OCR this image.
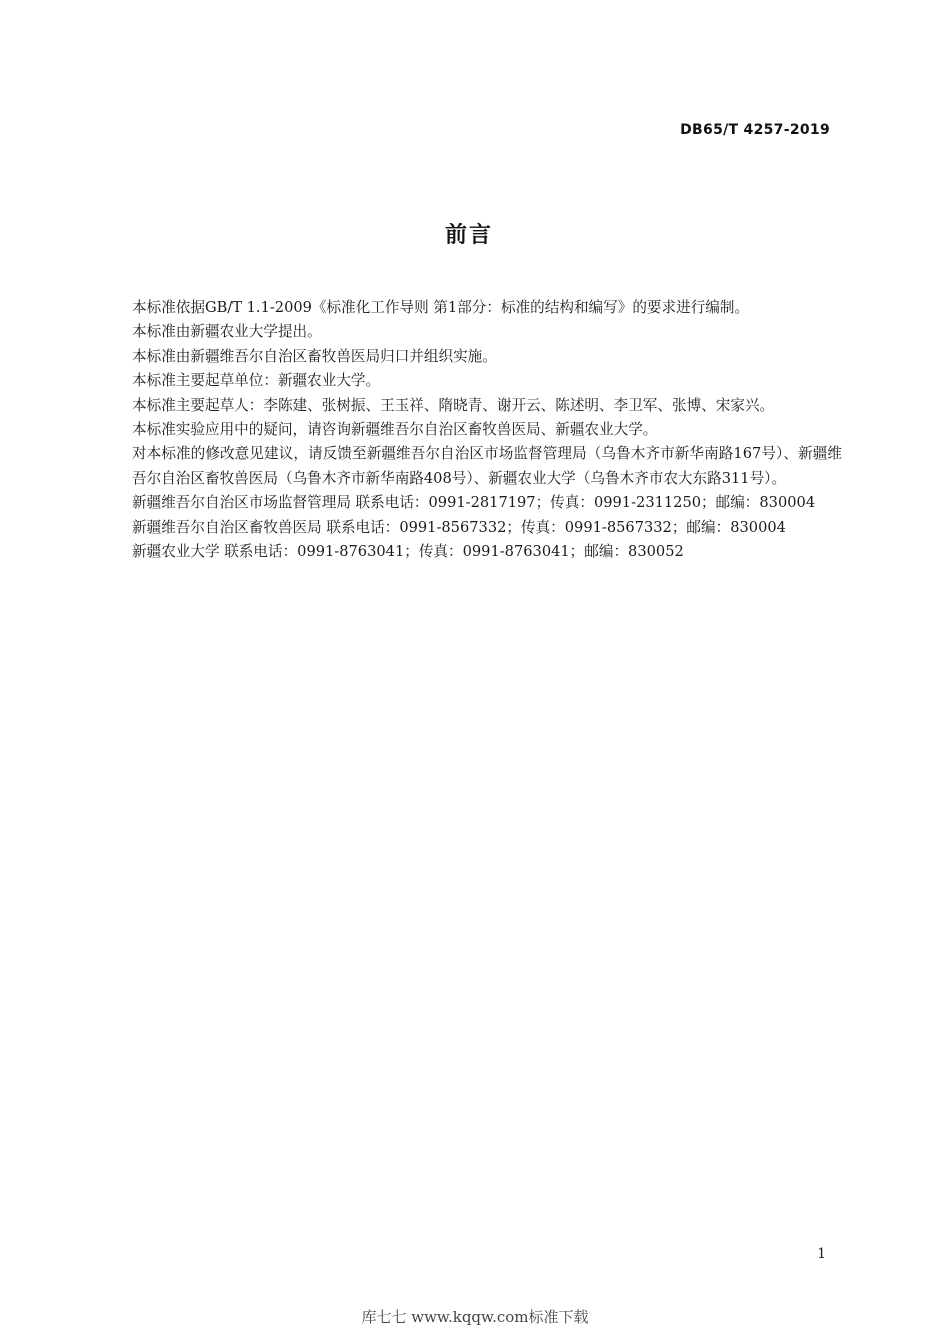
DB65/T 4257-2019
前言

本标准依据GB/T 1.1-2009《标准化工作导则 第1部分：标准的结构和编写》的要求进行编制。

本标准由新疆农业大学提出。

本标准由新疆维吾尔自治区畜牧兽医局归口并组织实施。

本标准主要起草单位：新疆农业大学。

本标准主要起草人：李陈建、张树振、王玉祥、隋晓青、谢开云、陈述明、李卫军、张博、宋家兴。

本标准实验应用中的疑问，请咨询新疆维吾尔自治区畜牧兽医局、新疆农业大学。

对本标准的修改意见建议，请反馈至新疆维吾尔自治区市场监督管理局（乌鲁木齐市新华南路167号）、新疆维吾尔自治区畜牧兽医局（乌鲁木齐市新华南路408号）、新疆农业大学（乌鲁木齐市农大东路311号）。

新疆维吾尔自治区市场监督管理局 联系电话：0991-2817197；传真：0991-2311250；邮编：830004

新疆维吾尔自治区畜牧兽医局 联系电话：0991-8567332；传真：0991-8567332；邮编：830004

新疆农业大学 联系电话：0991-8763041；传真：0991-8763041；邮编：830052

1
库七七 www.kqqw.com标准下载
